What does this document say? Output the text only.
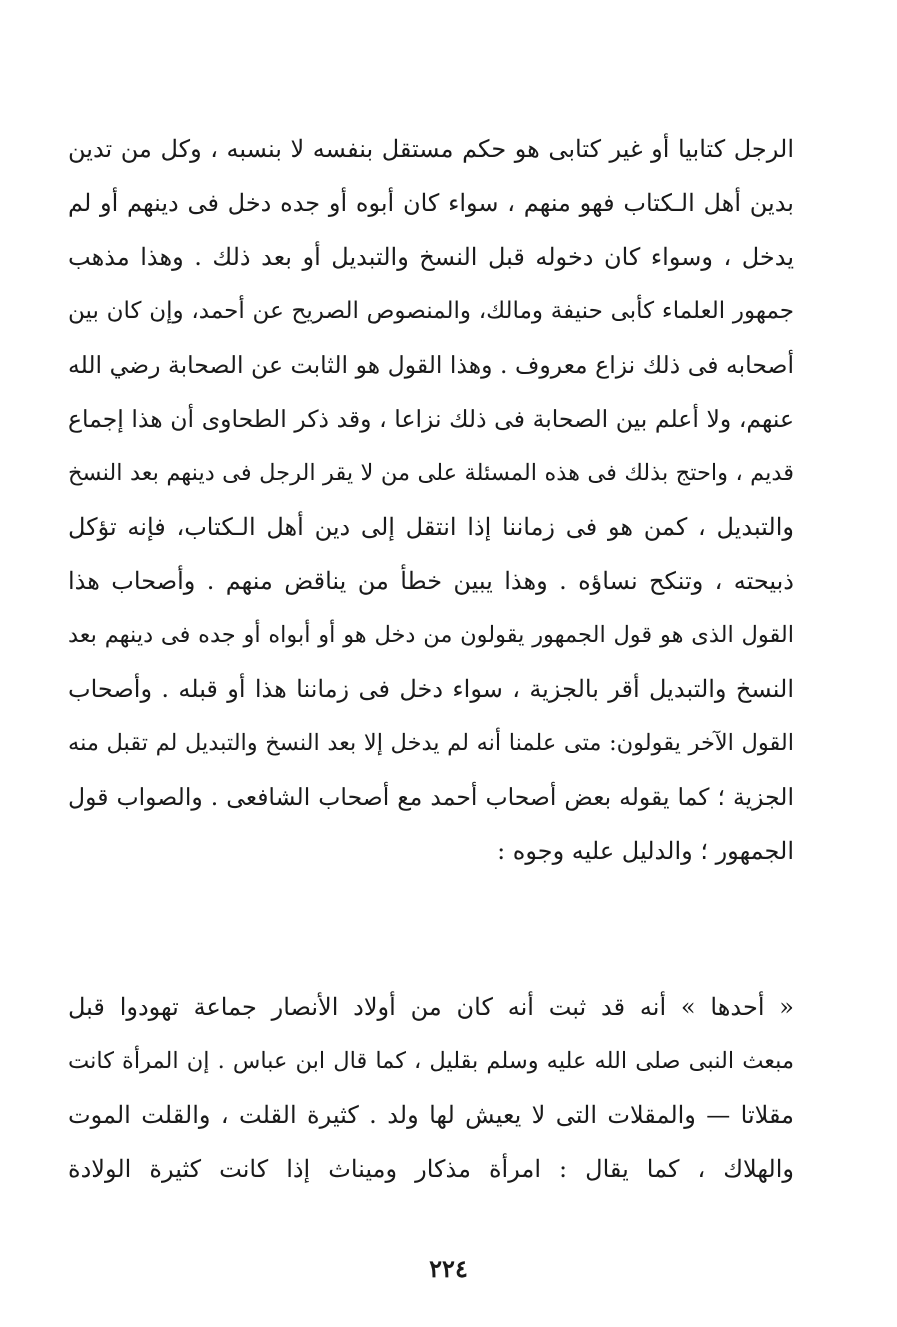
الرجل كتابيا أو غير كتابى هو حكم مستقل بنفسه لا بنسبه ، وكل من تدين
بدين أهل الـكتاب فهو منهم ، سواء كان أبوه أو جده دخل فى دينهم أو لم
يدخل ، وسواء كان دخوله قبل النسخ والتبديل أو بعد ذلك . وهذا مذهب
جمهور العلماء كأبى حنيفة ومالك، والمنصوص الصريح عن أحمد، وإن كان بين
أصحابه فى ذلك نزاع معروف . وهذا القول هو الثابت عن الصحابة رضي الله
عنهم، ولا أعلم بين الصحابة فى ذلك نزاعا ، وقد ذكر الطحاوى أن هذا إجماع
قديم ، واحتج بذلك فى هذه المسئلة على من لا يقر الرجل فى دينهم بعد النسخ
والتبديل ، كمن هو فى زماننا إذا انتقل إلى دين أهل الـكتاب، فإنه تؤكل
ذبيحته ، وتنكح نساؤه . وهذا يبين خطأ من يناقض منهم . وأصحاب هذا
القول الذى هو قول الجمهور يقولون من دخل هو أو أبواه أو جده فى دينهم بعد
النسخ والتبديل أقر بالجزية ، سواء دخل فى زماننا هذا أو قبله . وأصحاب
القول الآخر يقولون: متى علمنا أنه لم يدخل إلا بعد النسخ والتبديل لم تقبل منه
الجزية ؛ كما يقوله بعض أصحاب أحمد مع أصحاب الشافعى . والصواب قول
الجمهور ؛ والدليل عليه وجوه :
« أحدها » أنه قد ثبت أنه كان من أولاد الأنصار جماعة تهودوا قبل
مبعث النبى صلى الله عليه وسلم بقليل ، كما قال ابن عباس . إن المرأة كانت
مقلاتا — والمقلات التى لا يعيش لها ولد . كثيرة القلت ، والقلت الموت
والهلاك ، كما يقال : امرأة مذكار ومیناث إذا كانت كثيرة الولادة
٢٢٤
